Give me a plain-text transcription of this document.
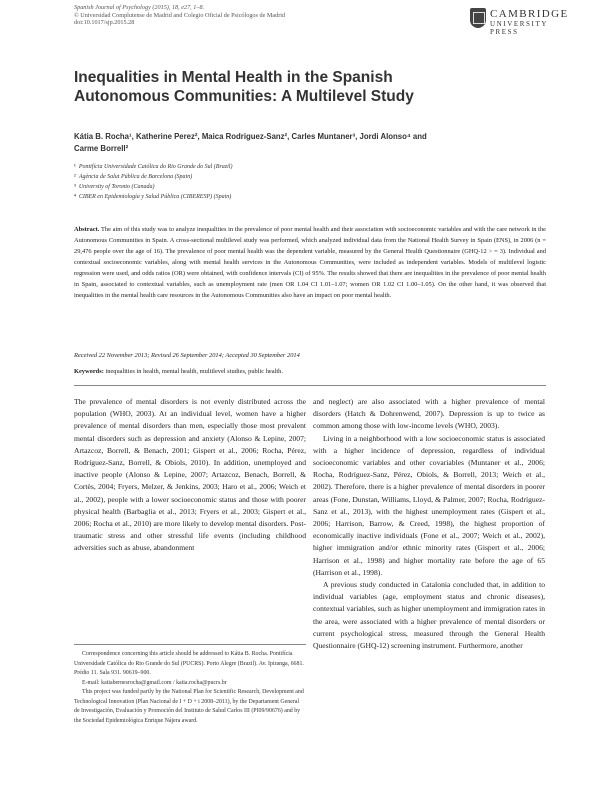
Spanish Journal of Psychology (2015), 18, e27, 1–8.
© Universidad Complutense de Madrid and Colegio Oficial de Psicólogos de Madrid
doi:10.1017/sjp.2015.28
CAMBRIDGE
UNIVERSITY PRESS
Inequalities in Mental Health in the Spanish
Autonomous Communities: A Multilevel Study
Kátia B. Rocha¹, Katherine Perez², Maica Rodriguez-Sanz², Carles Muntaner³, Jordi Alonso⁴ and
Carme Borrell²
¹ Pontifícia Universidade Católica do Rio Grande do Sul (Brazil)
² Agència de Salut Pública de Barcelona (Spain)
³ University of Toronto (Canada)
⁴ CIBER en Epidemiología y Salud Pública (CIBERESP) (Spain)
Abstract. The aim of this study was to analyze inequalities in the prevalence of poor mental health and their association with socioeconomic variables and with the care network in the Autonomous Communities in Spain. A cross-sectional multilevel study was performed, which analyzed individual data from the National Health Survey in Spain (ENS), in 2006 (n = 29,476 people over the age of 16). The prevalence of poor mental health was the dependent variable, measured by the General Health Questionnaire (GHQ-12 > = 3). Individual and contextual socioeconomic variables, along with mental health services in the Autonomous Communities, were included as independent variables. Models of multilevel logistic regression were used, and odds ratios (OR) were obtained, with confidence intervals (CI) of 95%. The results showed that there are inequalities in the prevalence of poor mental health in Spain, associated to contextual variables, such as unemployment rate (men OR 1.04 CI 1.01–1.07; women OR 1.02 CI 1.00–1.05). On the other hand, it was observed that inequalities in the mental health care resources in the Autonomous Communities also have an impact on poor mental health.
Received 22 November 2013; Revised 26 September 2014; Accepted 30 September 2014
Keywords: inequalities in health, mental health, multilevel studies, public health.

The prevalence of mental disorders is not evenly distributed across the population (WHO, 2003). At an individual level, women have a higher prevalence of mental disorders than men, especially those most prevalent mental disorders such as depression and anxiety (Alonso & Lepine, 2007; Artazcoz, Borrell, & Benach, 2001; Gispert et al., 2006; Rocha, Pérez, Rodríguez-Sanz, Borrell, & Obiols, 2010). In addition, unemployed and inactive people (Alonso & Lepine, 2007; Artazcoz, Benach, Borrell, & Cortès, 2004; Fryers, Melzer, & Jenkins, 2003; Haro et al., 2006; Weich et al., 2002), people with a lower socioeconomic status and those with poorer physical health (Barbaglia et al., 2013; Fryers et al., 2003; Gispert et al., 2006; Rocha et al., 2010) are more likely to develop mental disorders. Post-traumatic stress and other stressful life events (including childhood adversities such as abuse, abandonment

and neglect) are also associated with a higher prevalence of mental disorders (Hatch & Dohrenwend, 2007). Depression is up to twice as common among those with low-income levels (WHO, 2003).

Living in a neighborhood with a low socioeconomic status is associated with a higher incidence of depression, regardless of individual socioeconomic variables and other covariables (Muntaner et al., 2006; Rocha, Rodríguez-Sanz, Pérez, Obiols, & Borrell, 2013; Weich et al., 2002). Therefore, there is a higher prevalence of mental disorders in poorer areas (Fone, Dunstan, Williams, Lloyd, & Palmer, 2007; Rocha, Rodríguez-Sanz et al., 2013), with the highest unemployment rates (Gispert et al., 2006; Harrison, Barrow, & Creed, 1998), the highest proportion of economically inactive individuals (Fone et al., 2007; Weich et al., 2002), higher immigration and/or ethnic minority rates (Gispert et al., 2006; Harrison et al., 1998) and higher mortality rate before the age of 65 (Harrison et al., 1998).

A previous study conducted in Catalonia concluded that, in addition to individual variables (age, employment status and chronic diseases), contextual variables, such as higher unemployment and immigration rates in the area, were associated with a higher prevalence of mental disorders or current psychological stress, measured through the General Health Questionnaire (GHQ-12) screening instrument. Furthermore, another

Correspondence concerning this article should be addressed to Kátia B. Rocha. Pontifícia Universidade Católica do Rio Grande do Sul (PUCRS). Porto Alegre (Brazil). Av. Ipiranga, 6681. Prédio 11. Sala 931. 90619–900.

E-mail: katiabernesrocha@gmail.com / katia.rocha@pucrs.br

This project was funded partly by the National Plan for Scientific Research, Development and Technological Innovation (Plan Nacional de I + D + i 2008–2011), by the Departament General de Investigación, Evaluación y Promoción del Instituto de Salud Carlos III (PI09/90676) and by the Sociedad Epidemiológica Enrique Nájera award.
